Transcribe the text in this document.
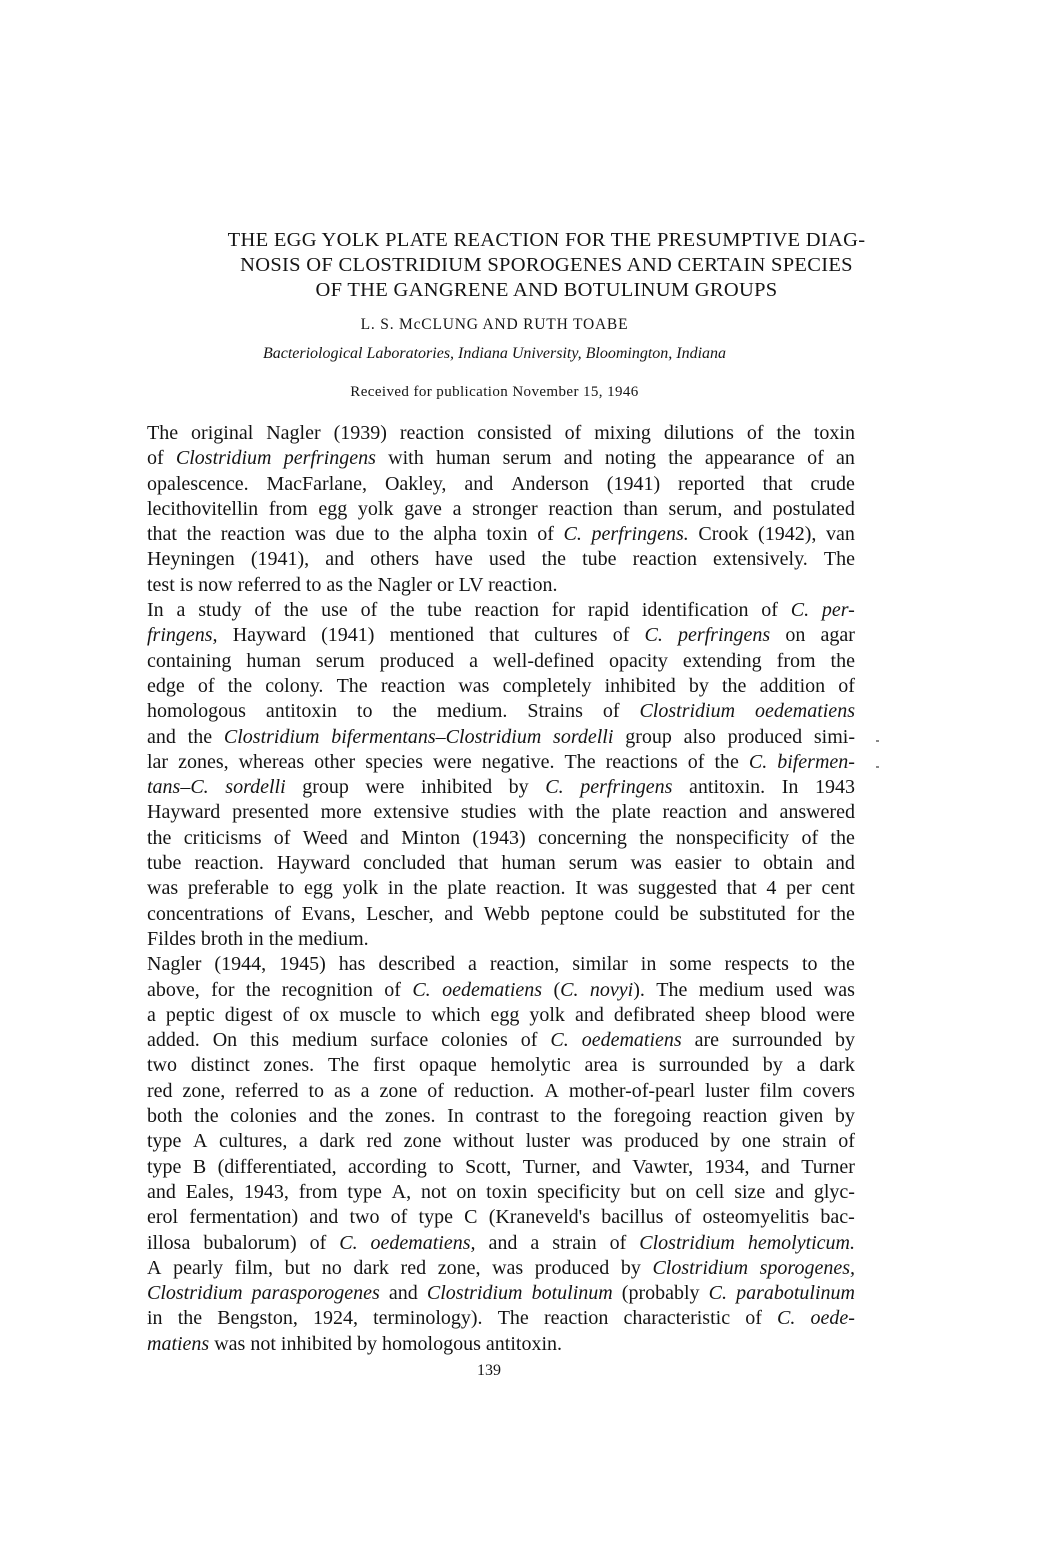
THE EGG YOLK PLATE REACTION FOR THE PRESUMPTIVE DIAG-
NOSIS OF CLOSTRIDIUM SPOROGENES AND CERTAIN SPECIES
OF THE GANGRENE AND BOTULINUM GROUPS
L. S. McCLUNG AND RUTH TOABE
Bacteriological Laboratories, Indiana University, Bloomington, Indiana
Received for publication November 15, 1946
The original Nagler (1939) reaction consisted of mixing dilutions of the toxin
of Clostridium perfringens with human serum and noting the appearance of an
opalescence. MacFarlane, Oakley, and Anderson (1941) reported that crude
lecithovitellin from egg yolk gave a stronger reaction than serum, and postulated
that the reaction was due to the alpha toxin of C. perfringens. Crook (1942), van
Heyningen (1941), and others have used the tube reaction extensively. The
test is now referred to as the Nagler or LV reaction.
In a study of the use of the tube reaction for rapid identification of C. per-
fringens, Hayward (1941) mentioned that cultures of C. perfringens on agar
containing human serum produced a well-defined opacity extending from the
edge of the colony. The reaction was completely inhibited by the addition of
homologous antitoxin to the medium. Strains of Clostridium oedematiens
and the Clostridium bifermentans–Clostridium sordelli group also produced simi-
lar zones, whereas other species were negative. The reactions of the C. bifermen-
tans–C. sordelli group were inhibited by C. perfringens antitoxin. In 1943
Hayward presented more extensive studies with the plate reaction and answered
the criticisms of Weed and Minton (1943) concerning the nonspecificity of the
tube reaction. Hayward concluded that human serum was easier to obtain and
was preferable to egg yolk in the plate reaction. It was suggested that 4 per cent
concentrations of Evans, Lescher, and Webb peptone could be substituted for the
Fildes broth in the medium.
Nagler (1944, 1945) has described a reaction, similar in some respects to the
above, for the recognition of C. oedematiens (C. novyi). The medium used was
a peptic digest of ox muscle to which egg yolk and defibrated sheep blood were
added. On this medium surface colonies of C. oedematiens are surrounded by
two distinct zones. The first opaque hemolytic area is surrounded by a dark
red zone, referred to as a zone of reduction. A mother-of-pearl luster film covers
both the colonies and the zones. In contrast to the foregoing reaction given by
type A cultures, a dark red zone without luster was produced by one strain of
type B (differentiated, according to Scott, Turner, and Vawter, 1934, and Turner
and Eales, 1943, from type A, not on toxin specificity but on cell size and glyc-
erol fermentation) and two of type C (Kraneveld's bacillus of osteomyelitis bac-
illosa bubalorum) of C. oedematiens, and a strain of Clostridium hemolyticum.
A pearly film, but no dark red zone, was produced by Clostridium sporogenes,
Clostridium parasporogenes and Clostridium botulinum (probably C. parabotulinum
in the Bengston, 1924, terminology). The reaction characteristic of C. oede-
matiens was not inhibited by homologous antitoxin.
139
